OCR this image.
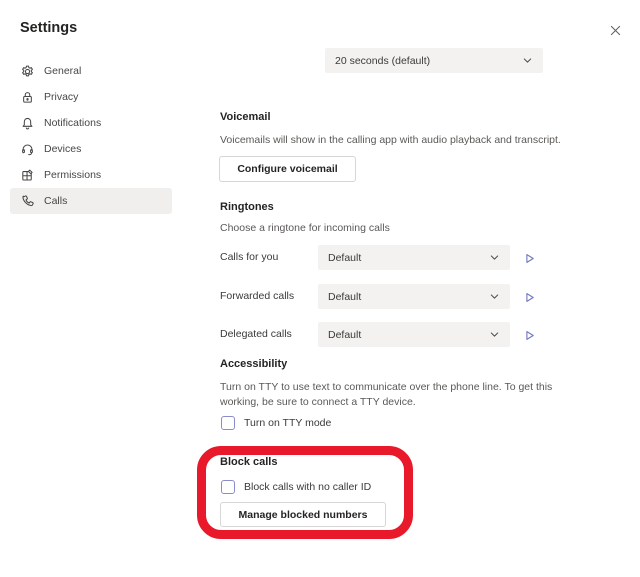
Settings
General
Privacy
Notifications
Devices
Permissions
Calls
20 seconds (default)
Voicemail
Voicemails will show in the calling app with audio playback and transcript.
Configure voicemail
Ringtones
Choose a ringtone for incoming calls
Calls for you	Default
Forwarded calls	Default
Delegated calls	Default
Accessibility
Turn on TTY to use text to communicate over the phone line. To get this
working, be sure to connect a TTY device.
Turn on TTY mode
Block calls
Block calls with no caller ID
Manage blocked numbers
